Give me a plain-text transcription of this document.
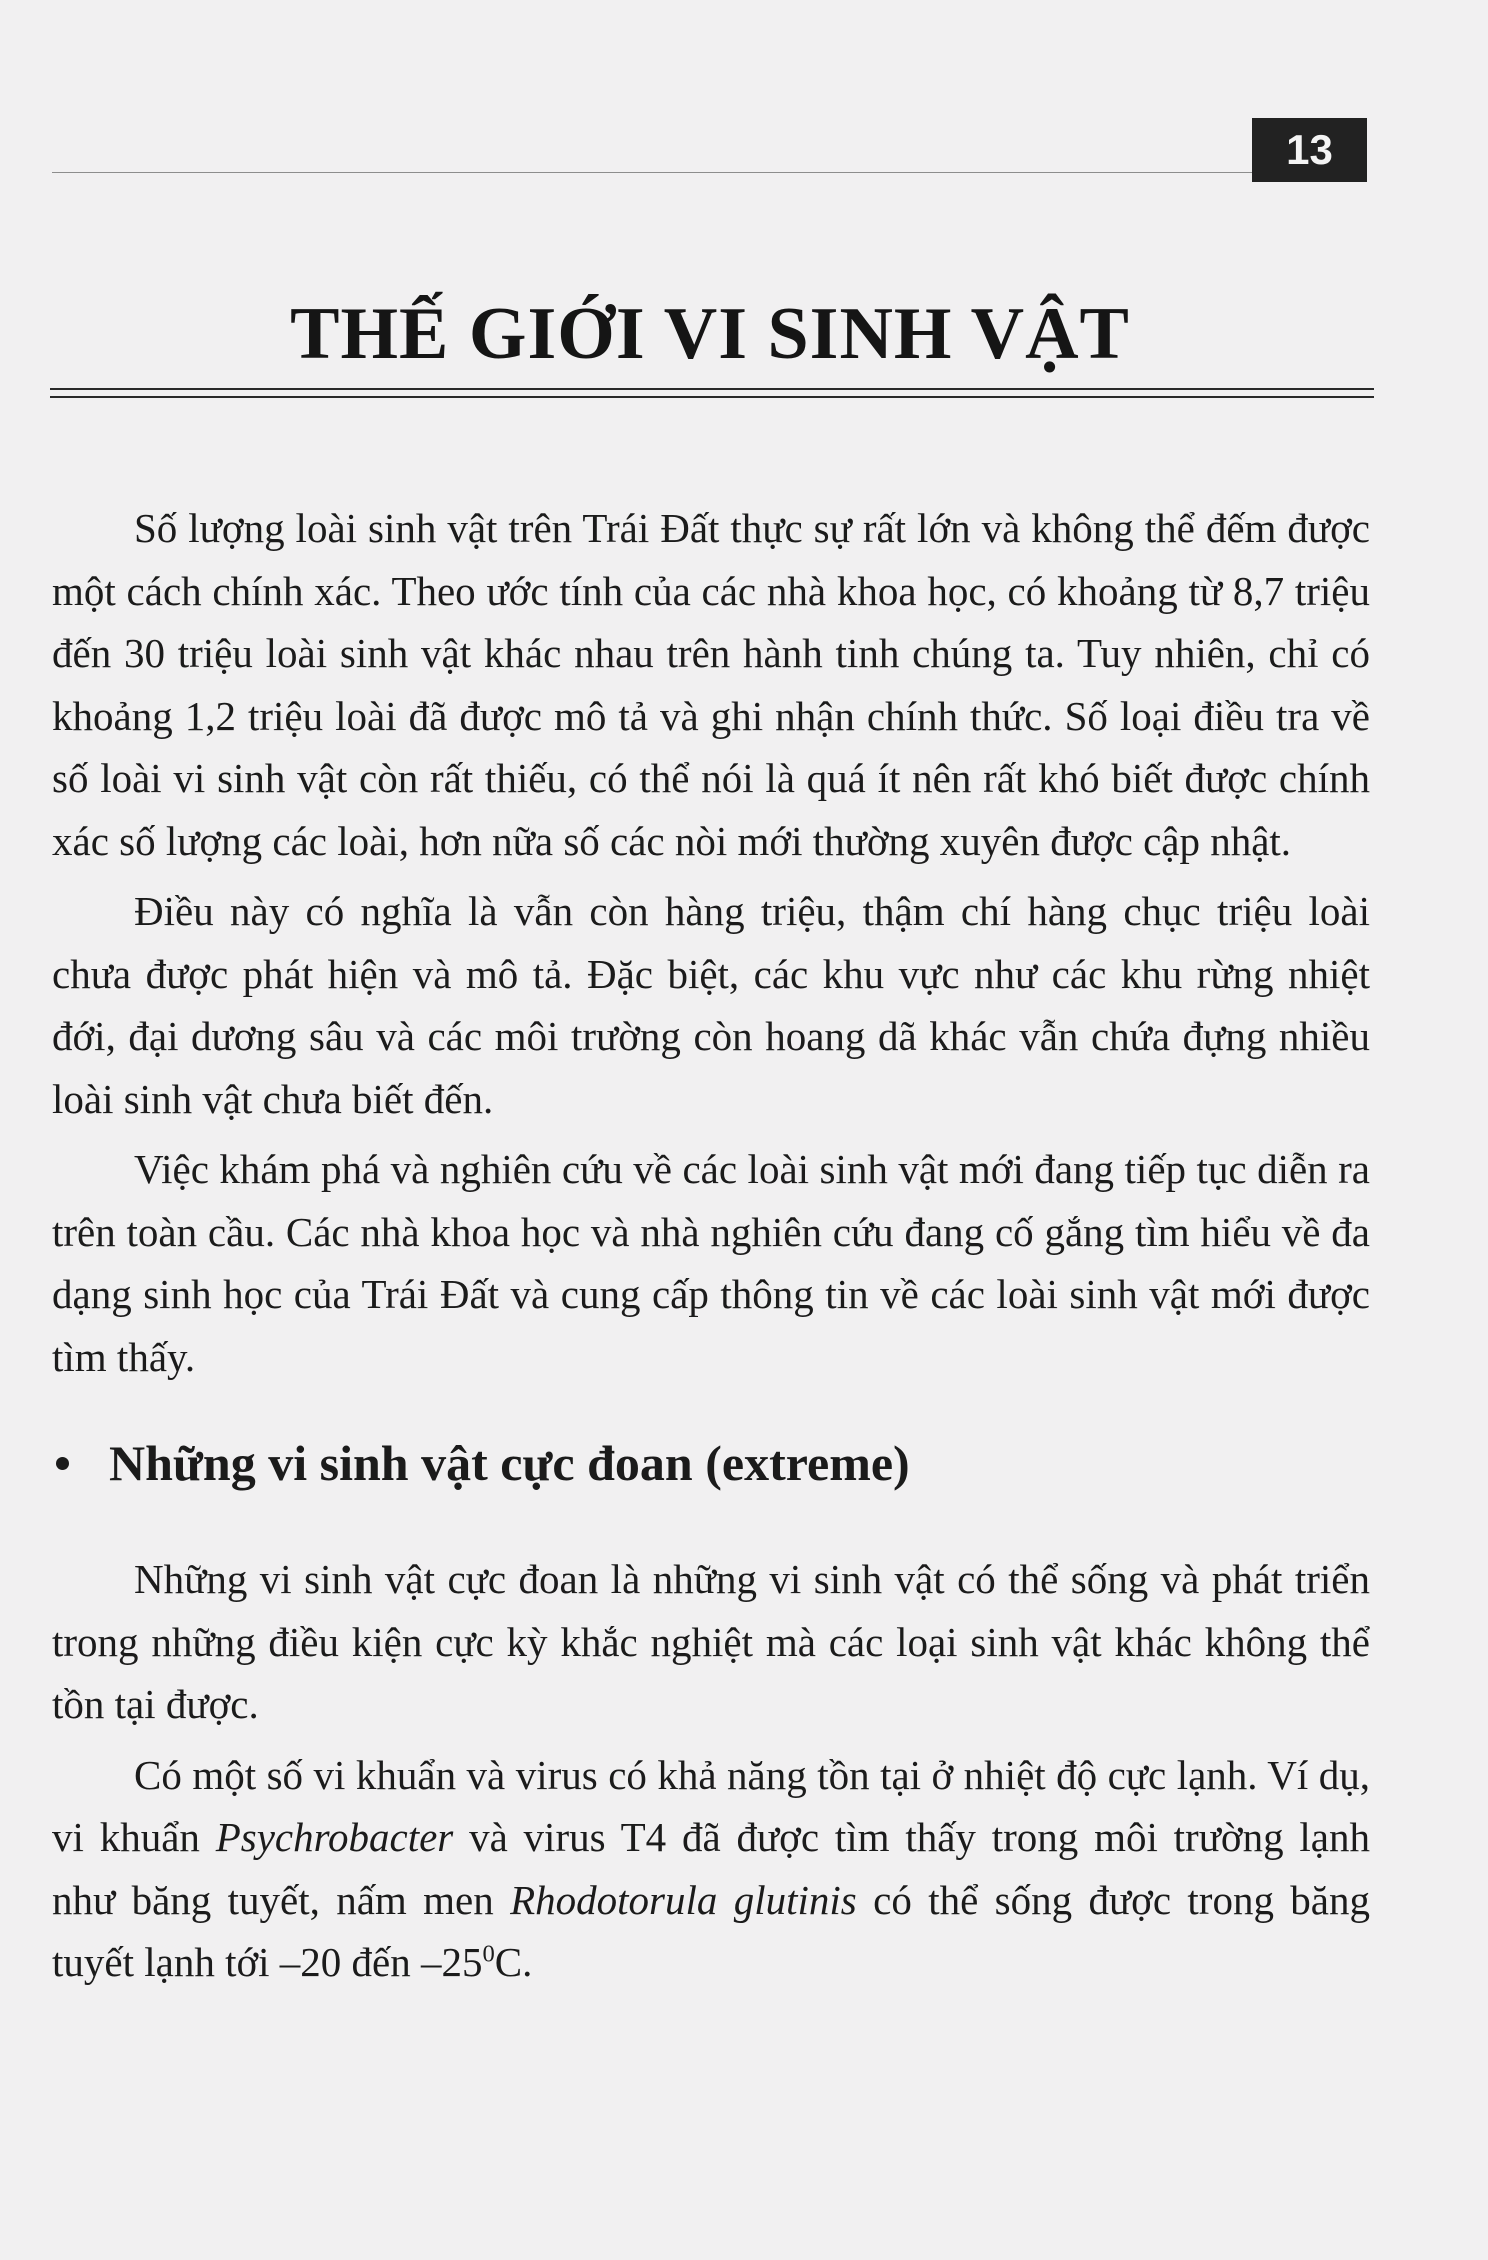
13
THẾ GIỚI VI SINH VẬT

Số lượng loài sinh vật trên Trái Đất thực sự rất lớn và không thể đếm được một cách chính xác. Theo ước tính của các nhà khoa học, có khoảng từ 8,7 triệu đến 30 triệu loài sinh vật khác nhau trên hành tinh chúng ta. Tuy nhiên, chỉ có khoảng 1,2 triệu loài đã được mô tả và ghi nhận chính thức. Số loại điều tra về số loài vi sinh vật còn rất thiếu, có thể nói là quá ít nên rất khó biết được chính xác số lượng các loài, hơn nữa số các nòi mới thường xuyên được cập nhật.

Điều này có nghĩa là vẫn còn hàng triệu, thậm chí hàng chục triệu loài chưa được phát hiện và mô tả. Đặc biệt, các khu vực như các khu rừng nhiệt đới, đại dương sâu và các môi trường còn hoang dã khác vẫn chứa đựng nhiều loài sinh vật chưa biết đến.

Việc khám phá và nghiên cứu về các loài sinh vật mới đang tiếp tục diễn ra trên toàn cầu. Các nhà khoa học và nhà nghiên cứu đang cố gắng tìm hiểu về đa dạng sinh học của Trái Đất và cung cấp thông tin về các loài sinh vật mới được tìm thấy.

Những vi sinh vật cực đoan (extreme)

Những vi sinh vật cực đoan là những vi sinh vật có thể sống và phát triển trong những điều kiện cực kỳ khắc nghiệt mà các loại sinh vật khác không thể tồn tại được.

Có một số vi khuẩn và virus có khả năng tồn tại ở nhiệt độ cực lạnh. Ví dụ, vi khuẩn Psychrobacter và virus T4 đã được tìm thấy trong môi trường lạnh như băng tuyết, nấm men Rhodotorula glutinis có thể sống được trong băng tuyết lạnh tới –20 đến $-25^0C$.
